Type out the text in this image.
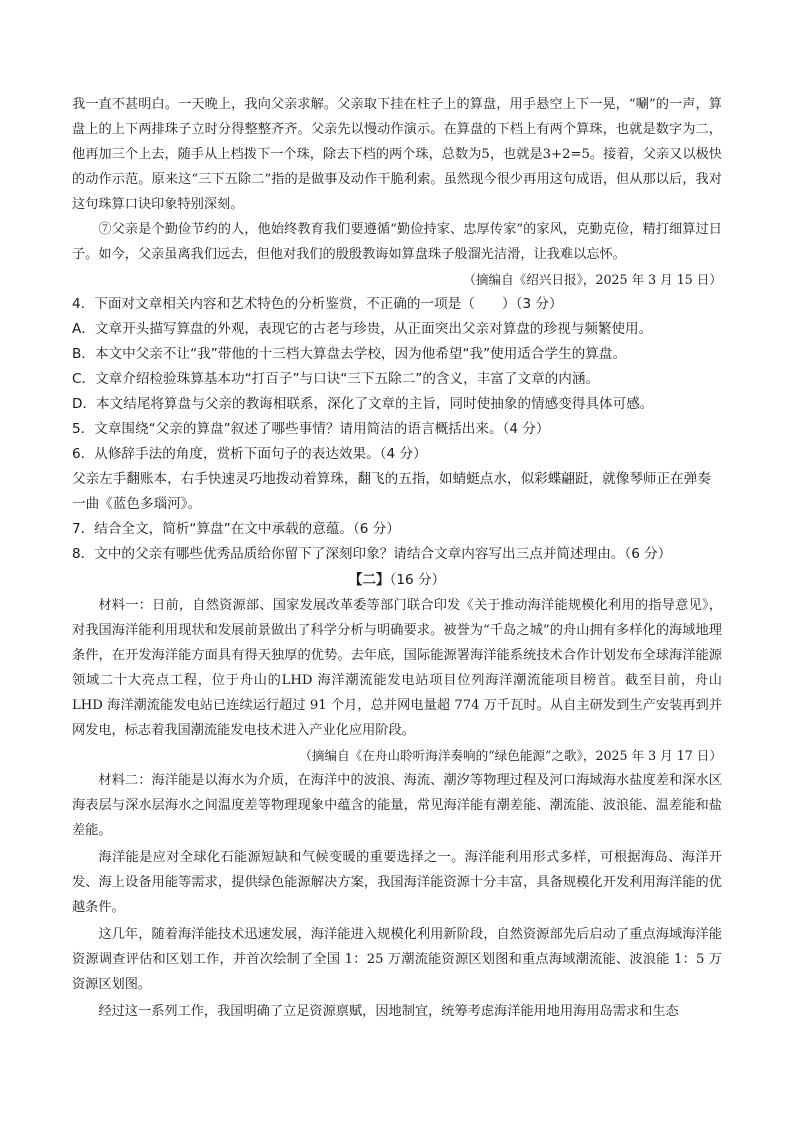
我一直不甚明白。一天晚上，我向父亲求解。父亲取下挂在柱子上的算盘，用手悬空上下一晃，“唰”的一声，算盘上的上下两排珠子立时分得整整齐齐。父亲先以慢动作演示。在算盘的下档上有两个算珠，也就是数字为二，他再加三个上去，随手从上档拨下一个珠，除去下档的两个珠，总数为5，也就是3+2=5。接着，父亲又以极快的动作示范。原来这“三下五除二”指的是做事及动作干脆利索。虽然现今很少再用这句成语，但从那以后，我对这句珠算口诀印象特别深刻。

⑦父亲是个勤俭节约的人，他始终教育我们要遵循“勤俭持家、忠厚传家”的家风，克勤克俭，精打细算过日子。如今，父亲虽离我们远去，但他对我们的殷殷教诲如算盘珠子般溜光洁滑，让我难以忘怀。

（摘编自《绍兴日报》，2025 年 3 月 15 日）

4．下面对文章相关内容和艺术特色的分析鉴赏，不正确的一项是（　　）（3 分）

A．文章开头描写算盘的外观，表现它的古老与珍贵，从正面突出父亲对算盘的珍视与频繁使用。

B．本文中父亲不让“我”带他的十三档大算盘去学校，因为他希望“我”使用适合学生的算盘。

C．文章介绍检验珠算基本功“打百子”与口诀“三下五除二”的含义，丰富了文章的内涵。

D．本文结尾将算盘与父亲的教诲相联系，深化了文章的主旨，同时使抽象的情感变得具体可感。

5．文章围绕“父亲的算盘”叙述了哪些事情？请用简洁的语言概括出来。（4 分）

6．从修辞手法的角度，赏析下面句子的表达效果。（4 分）

父亲左手翻账本，右手快速灵巧地拨动着算珠，翻飞的五指，如蜻蜓点水，似彩蝶翩跹，就像琴师正在弹奏一曲《蓝色多瑙河》。

7．结合全文，简析“算盘”在文中承载的意蕴。（6 分）

8．文中的父亲有哪些优秀品质给你留下了深刻印象？请结合文章内容写出三点并简述理由。（6 分）

【二】（16 分）

材料一：日前，自然资源部、国家发展改革委等部门联合印发《关于推动海洋能规模化利用的指导意见》，对我国海洋能利用现状和发展前景做出了科学分析与明确要求。被誉为“千岛之城”的舟山拥有多样化的海域地理条件，在开发海洋能方面具有得天独厚的优势。去年底，国际能源署海洋能系统技术合作计划发布全球海洋能源领域二十大亮点工程，位于舟山的LHD 海洋潮流能发电站项目位列海洋潮流能项目榜首。截至目前，舟山 LHD 海洋潮流能发电站已连续运行超过 91 个月，总并网电量超 774 万千瓦时。从自主研发到生产安装再到并网发电，标志着我国潮流能发电技术进入产业化应用阶段。

（摘编自《在舟山聆听海洋奏响的“绿色能源”之歌》，2025 年 3 月 17 日）

材料二：海洋能是以海水为介质，在海洋中的波浪、海流、潮汐等物理过程及河口海域海水盐度差和深水区海表层与深水层海水之间温度差等物理现象中蕴含的能量，常见海洋能有潮差能、潮流能、波浪能、温差能和盐差能。

海洋能是应对全球化石能源短缺和气候变暖的重要选择之一。海洋能利用形式多样，可根据海岛、海洋开发、海上设备用能等需求，提供绿色能源解决方案，我国海洋能资源十分丰富，具备规模化开发利用海洋能的优越条件。

这几年，随着海洋能技术迅速发展，海洋能进入规模化利用新阶段，自然资源部先后启动了重点海域海洋能资源调查评估和区划工作，并首次绘制了全国 1：25 万潮流能资源区划图和重点海域潮流能、波浪能 1：5 万资源区划图。

经过这一系列工作，我国明确了立足资源禀赋，因地制宜，统筹考虑海洋能用地用海用岛需求和生态
